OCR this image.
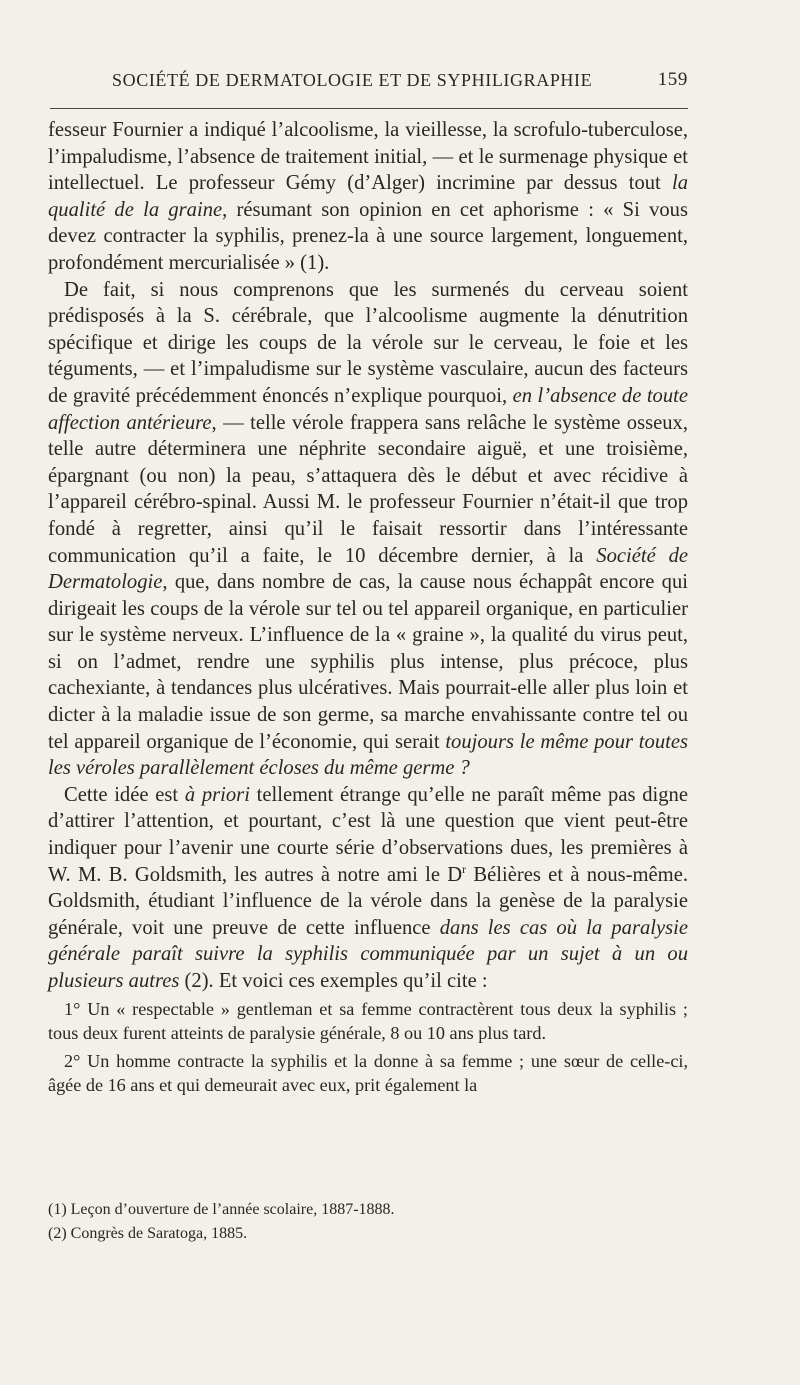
SOCIÉTÉ DE DERMATOLOGIE ET DE SYPHILIGRAPHIE	159

fesseur Fournier a indiqué l’alcoolisme, la vieillesse, la scrofulo-tuberculose, l’impaludisme, l’absence de traitement initial, — et le surmenage physique et intellectuel. Le professeur Gémy (d’Alger) incrimine par dessus tout la qualité de la graine, résumant son opinion en cet aphorisme : « Si vous devez contracter la syphilis, prenez-la à une source largement, longuement, profondément mercurialisée » (1).

De fait, si nous comprenons que les surmenés du cerveau soient prédisposés à la S. cérébrale, que l’alcoolisme augmente la dénutrition spécifique et dirige les coups de la vérole sur le cerveau, le foie et les téguments, — et l’impaludisme sur le système vasculaire, aucun des facteurs de gravité précédemment énoncés n’explique pourquoi, en l’absence de toute affection antérieure, — telle vérole frappera sans relâche le système osseux, telle autre déterminera une néphrite secondaire aiguë, et une troisième, épargnant (ou non) la peau, s’attaquera dès le début et avec récidive à l’appareil cérébro-spinal. Aussi M. le professeur Fournier n’était-il que trop fondé à regretter, ainsi qu’il le faisait ressortir dans l’intéressante communication qu’il a faite, le 10 décembre dernier, à la Société de Dermatologie, que, dans nombre de cas, la cause nous échappât encore qui dirigeait les coups de la vérole sur tel ou tel appareil organique, en particulier sur le système nerveux. L’influence de la « graine », la qualité du virus peut, si on l’admet, rendre une syphilis plus intense, plus précoce, plus cachexiante, à tendances plus ulcératives. Mais pourrait-elle aller plus loin et dicter à la maladie issue de son germe, sa marche envahissante contre tel ou tel appareil organique de l’économie, qui serait toujours le même pour toutes les véroles parallèlement écloses du même germe ?

Cette idée est à priori tellement étrange qu’elle ne paraît même pas digne d’attirer l’attention, et pourtant, c’est là une question que vient peut-être indiquer pour l’avenir une courte série d’observations dues, les premières à W. M. B. Goldsmith, les autres à notre ami le $D^r$ Bélières et à nous-même. Goldsmith, étudiant l’influence de la vérole dans la genèse de la paralysie générale, voit une preuve de cette influence dans les cas où la paralysie générale paraît suivre la syphilis communiquée par un sujet à un ou plusieurs autres (2). Et voici ces exemples qu’il cite :

1° Un « respectable » gentleman et sa femme contractèrent tous deux la syphilis ; tous deux furent atteints de paralysie générale, 8 ou 10 ans plus tard.

2° Un homme contracte la syphilis et la donne à sa femme ; une sœur de celle-ci, âgée de 16 ans et qui demeurait avec eux, prit également la

(1) Leçon d’ouverture de l’année scolaire, 1887-1888.

(2) Congrès de Saratoga, 1885.
